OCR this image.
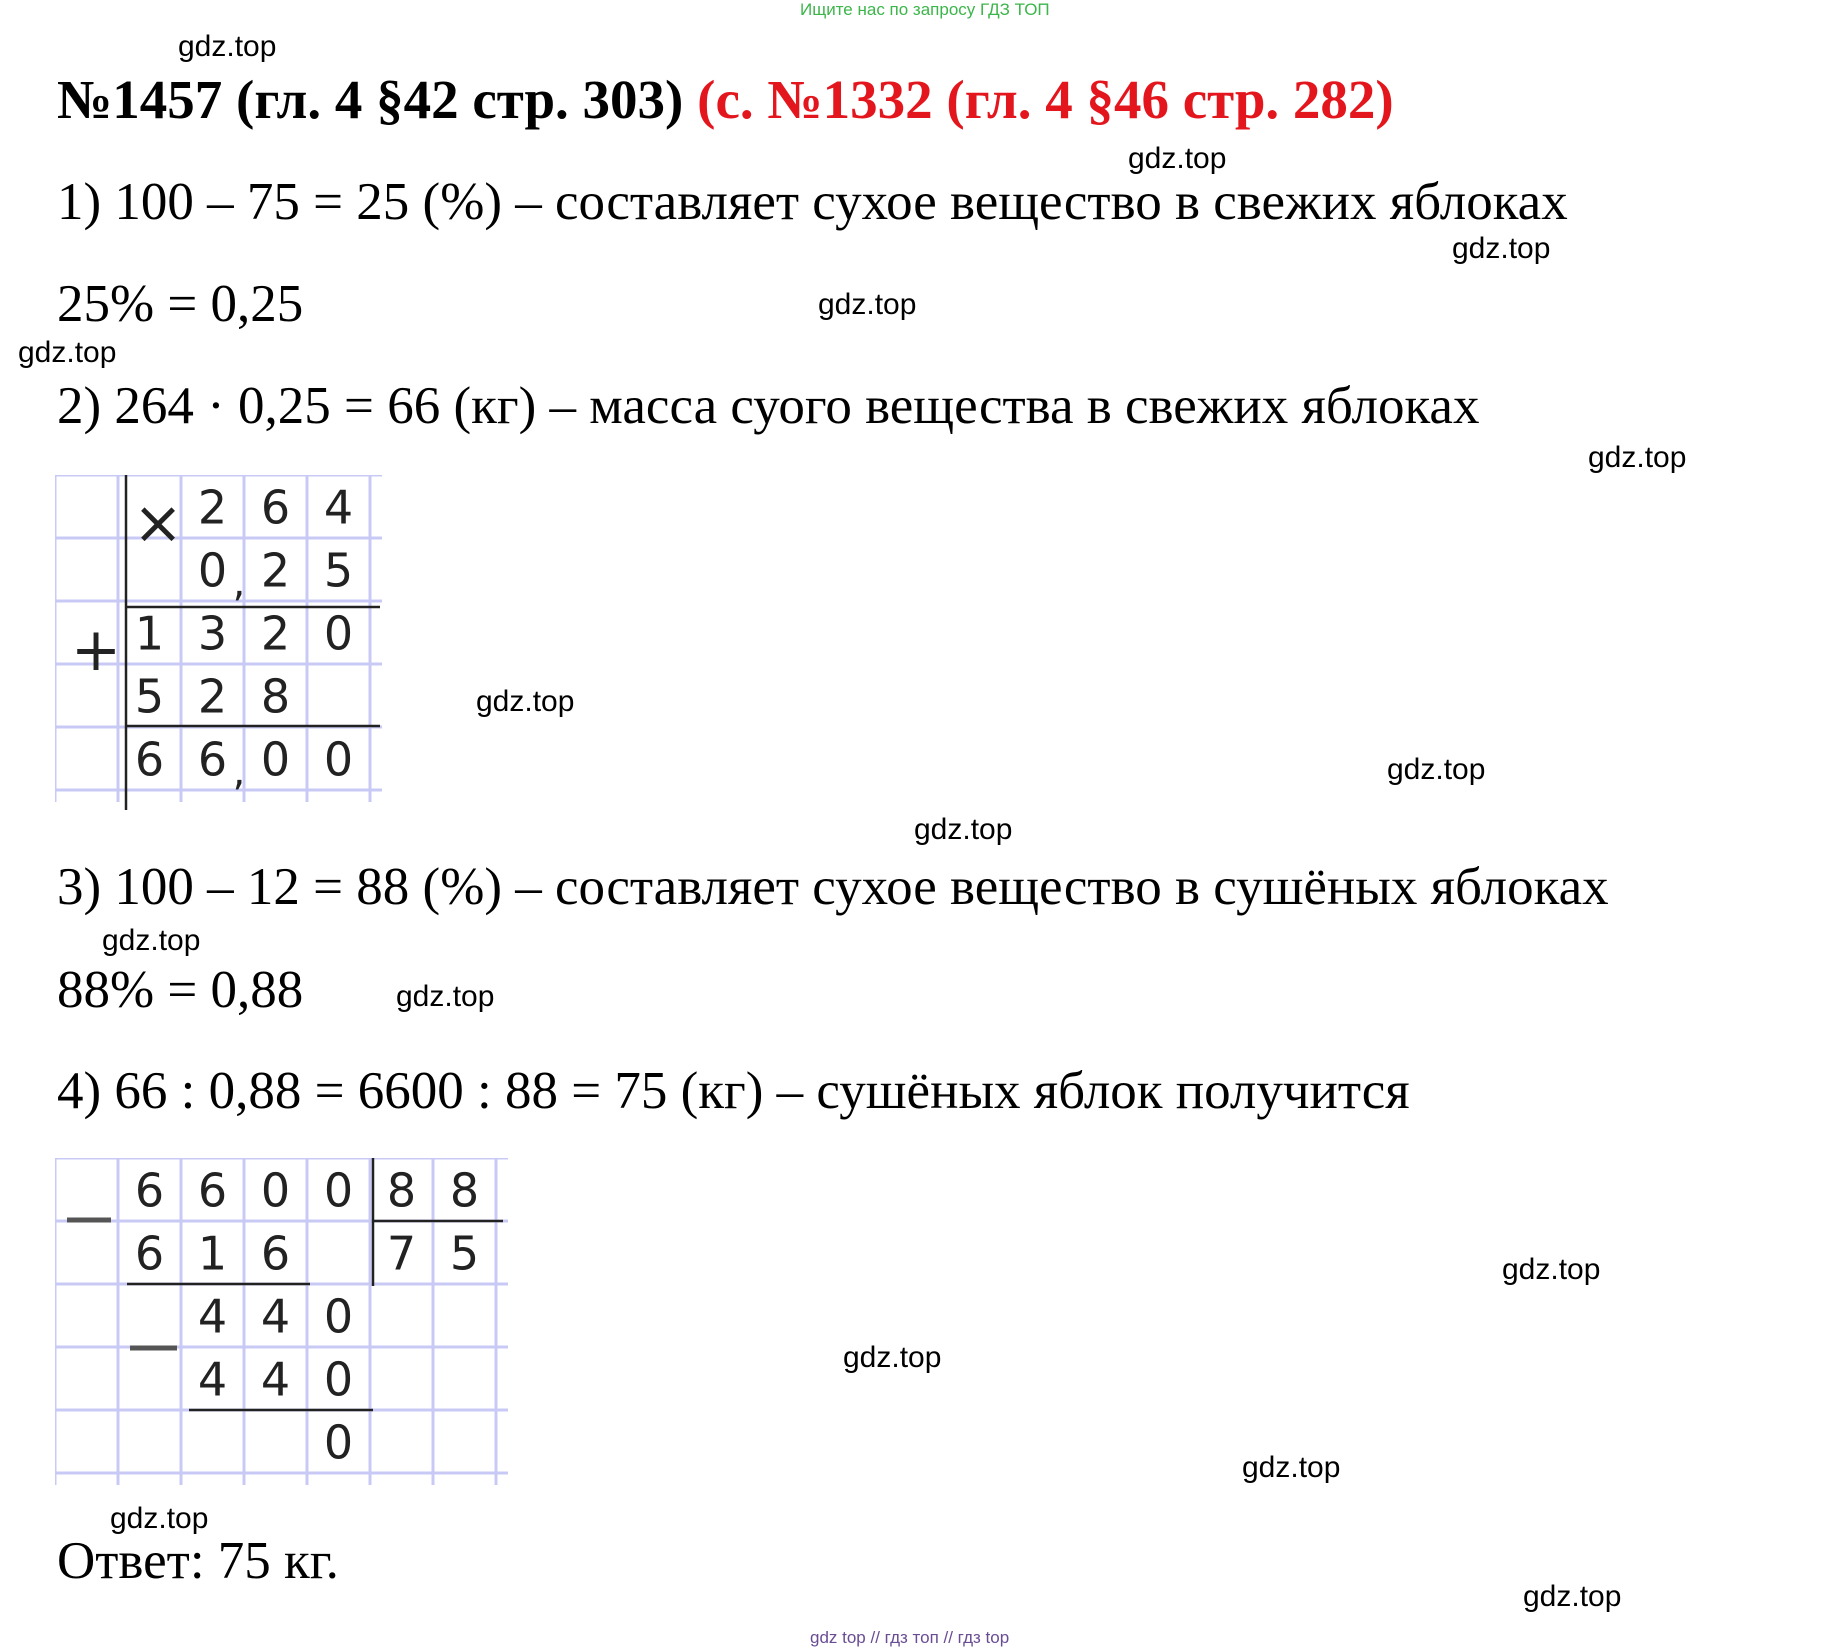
Ищите нас по запросу ГДЗ ТОП
№1457 (гл. 4 §42 стр. 303) (с. №1332 (гл. 4 §46 стр. 282)
1) 100 – 75 = 25 (%) – составляет сухое вещество в свежих яблоках
25% = 0,25
2) 264 · 0,25 = 66 (кг) – масса суого вещества в свежих яблоках
2 6 4
0 2 5
1 3 2 0
5 2 8
6 6 0 0
,
,
×
+
3) 100 – 12 = 88 (%) – составляет сухое вещество в сушёных яблоках
88% = 0,88
4) 66 : 0,88 = 6600 : 88 = 75 (кг) – сушёных яблок получится
6 6 0 0 8 8
6 1 6 7 5
4 4 0
4 4 0
0
Ответ: 75 кг.
gdz.top
gdz.top
gdz.top
gdz.top
gdz.top
gdz.top
gdz.top
gdz.top
gdz.top
gdz.top
gdz.top
gdz.top
gdz.top
gdz.top
gdz.top
gdz.top
gdz top // гдз топ // гдз top
